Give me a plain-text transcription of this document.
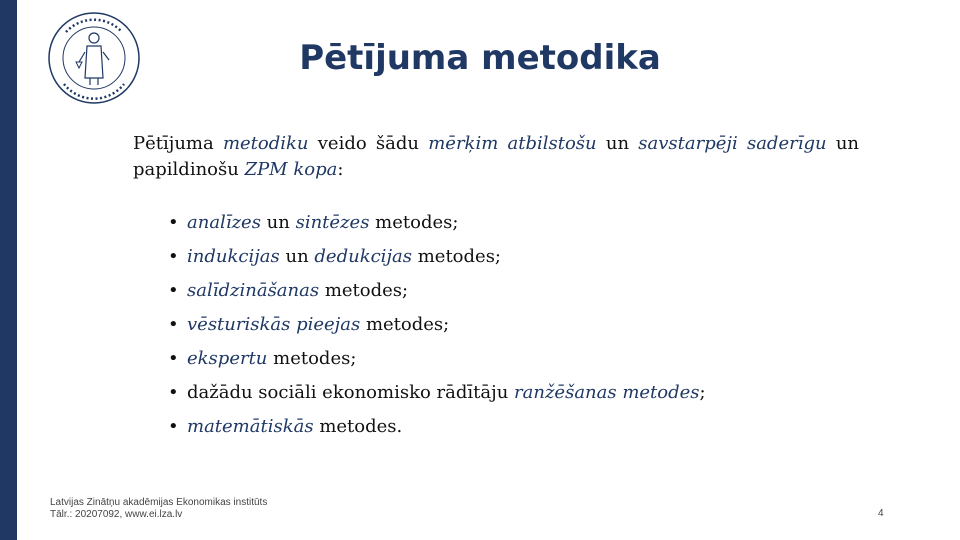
Pētījuma metodika

Pētījuma metodiku veido šādu mērķim atbilstošu un savstarpēji saderīgu un papildinošu ZPM kopa:

• analīzes un sintēzes metodes;
• indukcijas un dedukcijas metodes;
• salīdzināšanas metodes;
• vēsturiskās pieejas metodes;
• ekspertu metodes;
• dažādu sociāli ekonomisko rādītāju ranžēšanas metodes;
• matemātiskās metodes.
Latvijas Zinātņu akadēmijas Ekonomikas institūts
Tālr.: 20207092, www.ei.lza.lv	4
